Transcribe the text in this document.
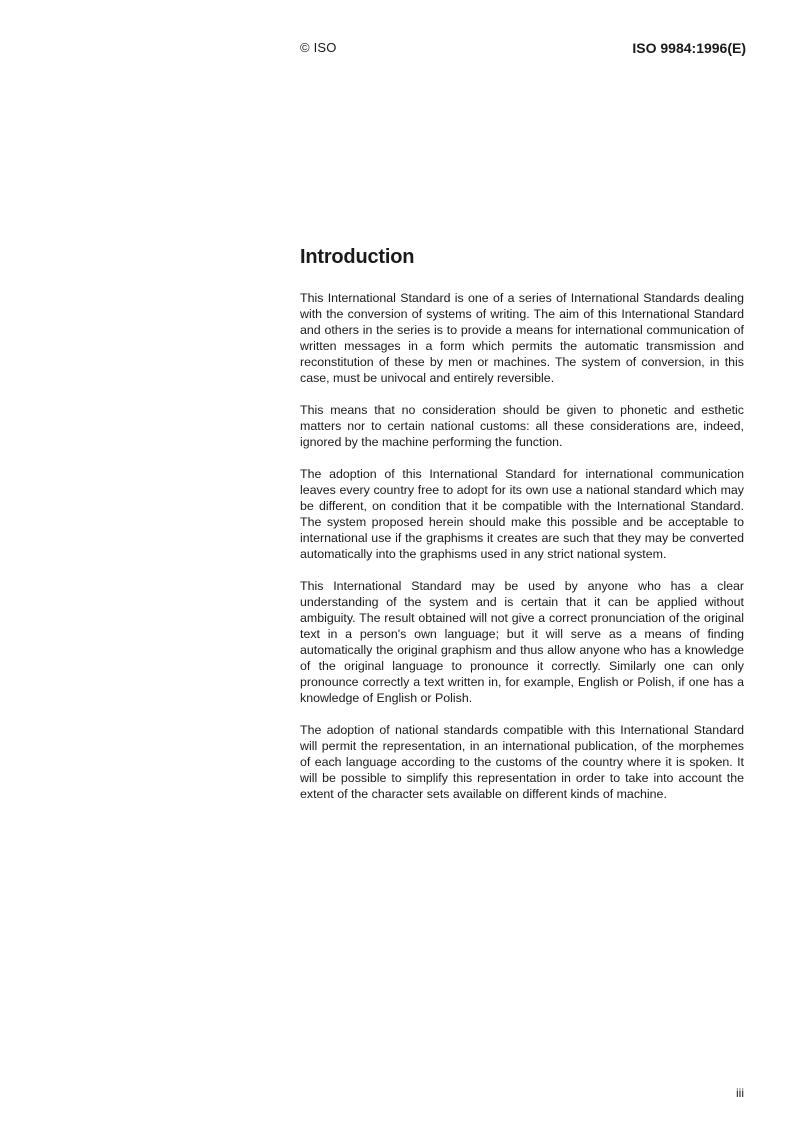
© ISO	ISO 9984:1996(E)
Introduction

This International Standard is one of a series of International Standards dealing with the conversion of systems of writing. The aim of this International Standard and others in the series is to provide a means for international communication of written messages in a form which permits the automatic transmission and reconstitution of these by men or machines. The system of conversion, in this case, must be univocal and entirely reversible.

This means that no consideration should be given to phonetic and esthetic matters nor to certain national customs: all these considerations are, indeed, ignored by the machine performing the function.

The adoption of this International Standard for international communication leaves every country free to adopt for its own use a national standard which may be different, on condition that it be compatible with the International Standard. The system proposed herein should make this possible and be acceptable to international use if the graphisms it creates are such that they may be converted automatically into the graphisms used in any strict national system.

This International Standard may be used by anyone who has a clear understanding of the system and is certain that it can be applied without ambiguity. The result obtained will not give a correct pronunciation of the original text in a person's own language; but it will serve as a means of finding automatically the original graphism and thus allow anyone who has a knowledge of the original language to pronounce it correctly. Similarly one can only pronounce correctly a text written in, for example, English or Polish, if one has a knowledge of English or Polish.

The adoption of national standards compatible with this International Standard will permit the representation, in an international publication, of the morphemes of each language according to the customs of the country where it is spoken. It will be possible to simplify this representation in order to take into account the extent of the character sets available on different kinds of machine.

iii
